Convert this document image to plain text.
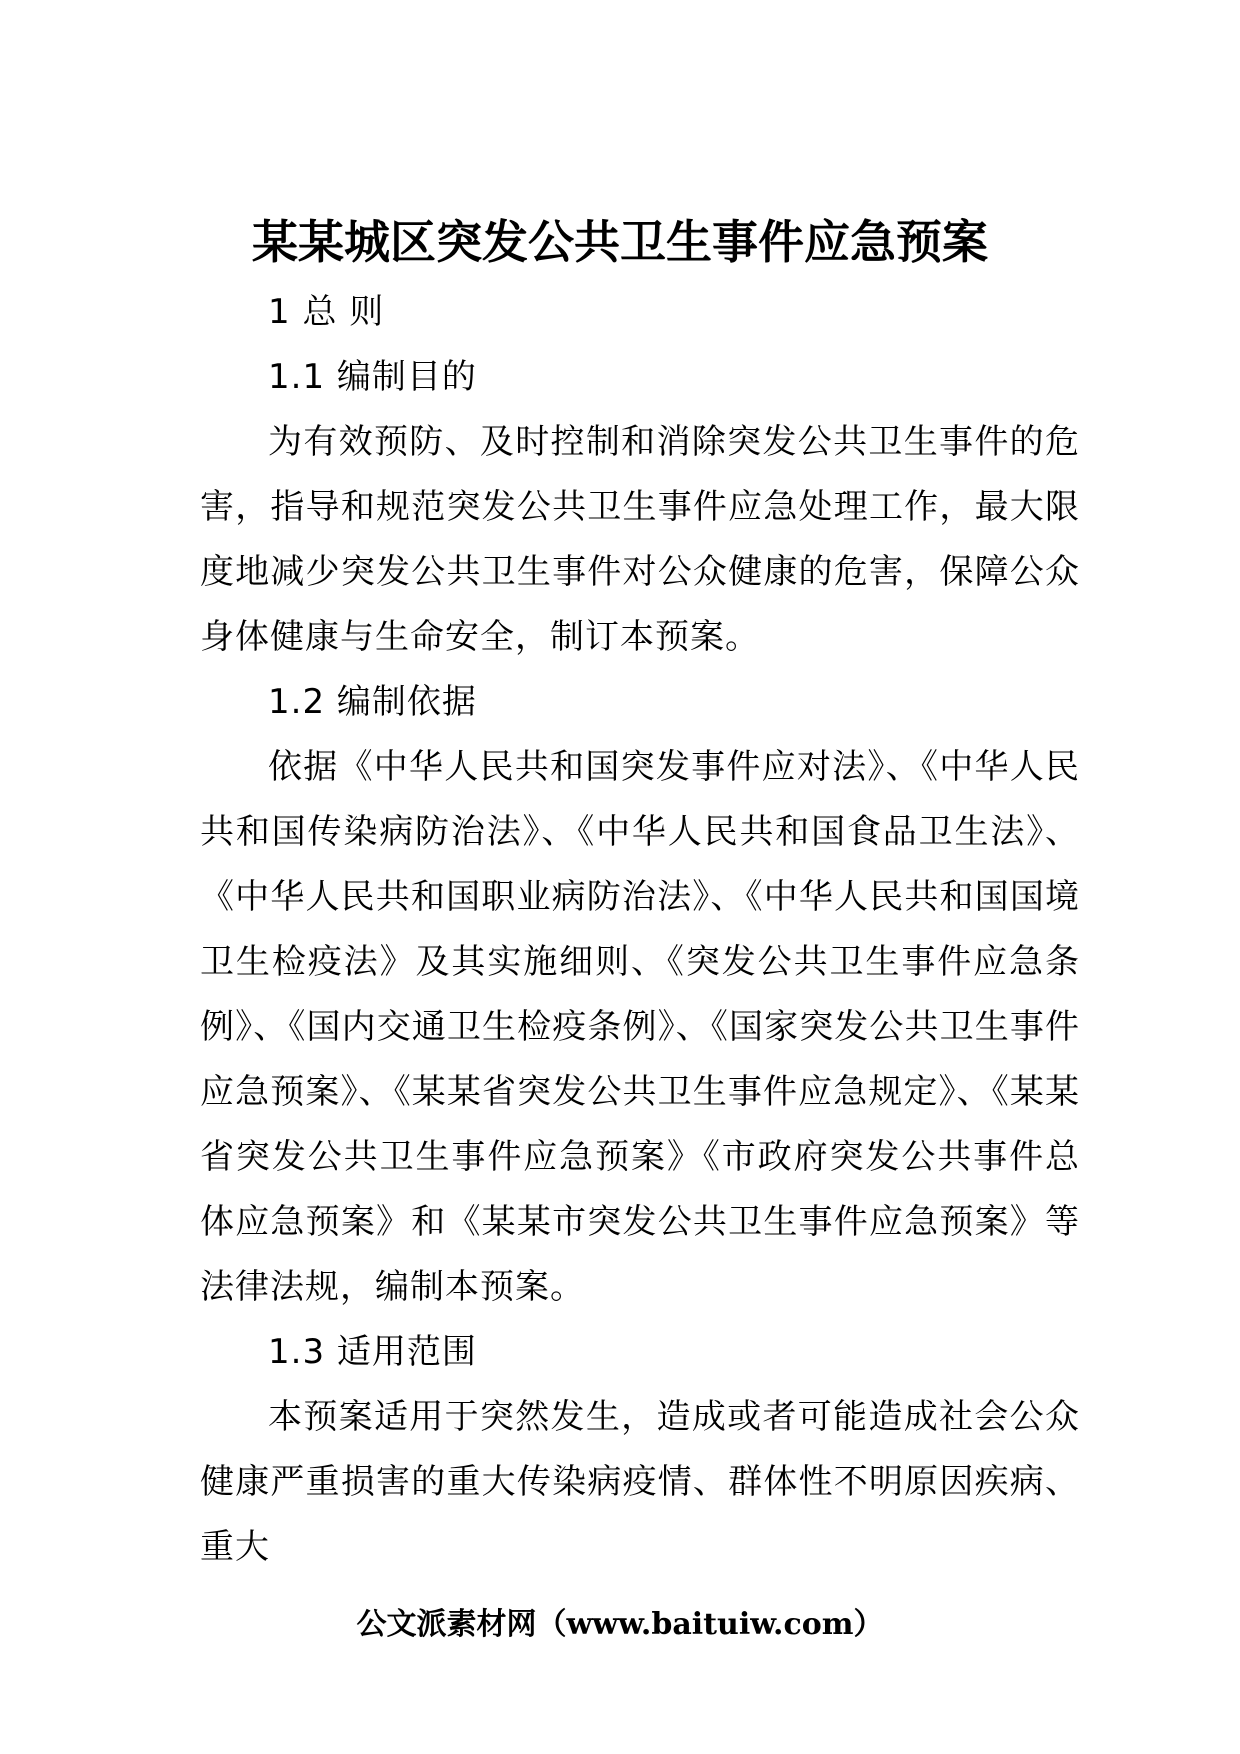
某某城区突发公共卫生事件应急预案

1 总 则

1.1 编制目的

为有效预防、及时控制和消除突发公共卫生事件的危害，指导和规范突发公共卫生事件应急处理工作，最大限度地减少突发公共卫生事件对公众健康的危害，保障公众身体健康与生命安全，制订本预案。

1.2 编制依据

依据《中华人民共和国突发事件应对法》、《中华人民共和国传染病防治法》、《中华人民共和国食品卫生法》、《中华人民共和国职业病防治法》、《中华人民共和国国境卫生检疫法》及其实施细则、《突发公共卫生事件应急条例》、《国内交通卫生检疫条例》、《国家突发公共卫生事件应急预案》、《某某省突发公共卫生事件应急规定》、《某某省突发公共卫生事件应急预案》《市政府突发公共事件总体应急预案》和《某某市突发公共卫生事件应急预案》等法律法规，编制本预案。

1.3 适用范围

本预案适用于突然发生，造成或者可能造成社会公众健康严重损害的重大传染病疫情、群体性不明原因疾病、重大

公文派素材网（www.baituiw.com）
